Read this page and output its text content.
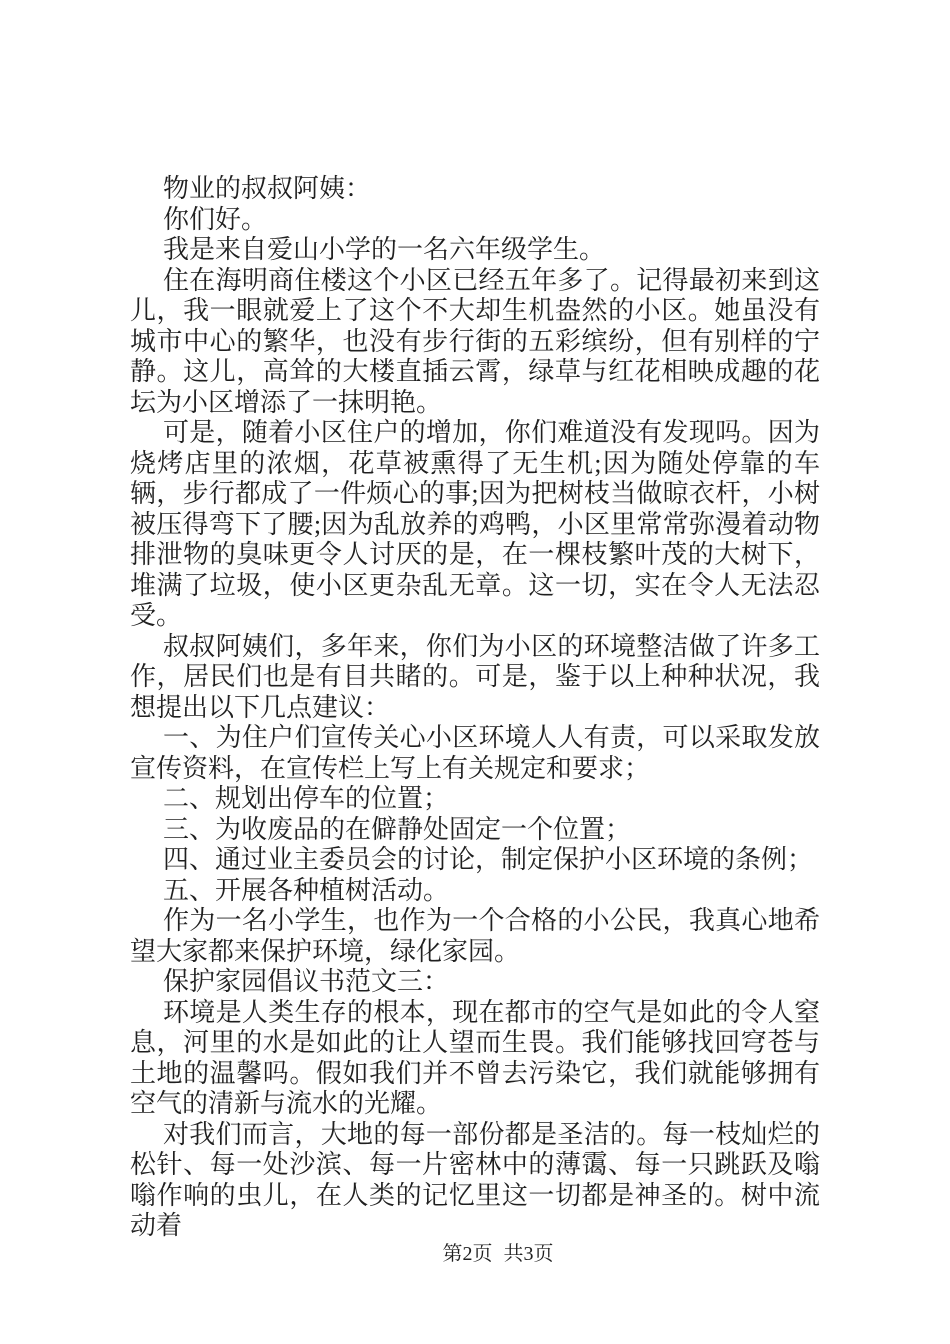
物业的叔叔阿姨：

你们好。

我是来自爱山小学的一名六年级学生。

住在海明商住楼这个小区已经五年多了。记得最初来到这儿，我一眼就爱上了这个不大却生机盎然的小区。她虽没有城市中心的繁华，也没有步行街的五彩缤纷，但有别样的宁静。这儿，高耸的大楼直插云霄，绿草与红花相映成趣的花坛为小区增添了一抹明艳。

可是，随着小区住户的增加，你们难道没有发现吗。因为烧烤店里的浓烟，花草被熏得了无生机;因为随处停靠的车辆，步行都成了一件烦心的事;因为把树枝当做晾衣杆，小树被压得弯下了腰;因为乱放养的鸡鸭，小区里常常弥漫着动物排泄物的臭味更令人讨厌的是，在一棵枝繁叶茂的大树下，堆满了垃圾，使小区更杂乱无章。这一切，实在令人无法忍受。

叔叔阿姨们，多年来，你们为小区的环境整洁做了许多工作，居民们也是有目共睹的。可是，鉴于以上种种状况，我想提出以下几点建议：

一、为住户们宣传关心小区环境人人有责，可以采取发放宣传资料，在宣传栏上写上有关规定和要求；

二、规划出停车的位置；

三、为收废品的在僻静处固定一个位置；

四、通过业主委员会的讨论，制定保护小区环境的条例；

五、开展各种植树活动。

作为一名小学生，也作为一个合格的小公民，我真心地希望大家都来保护环境，绿化家园。

保护家园倡议书范文三：

环境是人类生存的根本，现在都市的空气是如此的令人窒息，河里的水是如此的让人望而生畏。我们能够找回穹苍与土地的温馨吗。假如我们并不曾去污染它，我们就能够拥有空气的清新与流水的光耀。

对我们而言，大地的每一部份都是圣洁的。每一枝灿烂的松针、每一处沙滨、每一片密林中的薄霭、每一只跳跃及嗡嗡作响的虫儿，在人类的记忆里这一切都是神圣的。树中流动着

第2页 共3页
